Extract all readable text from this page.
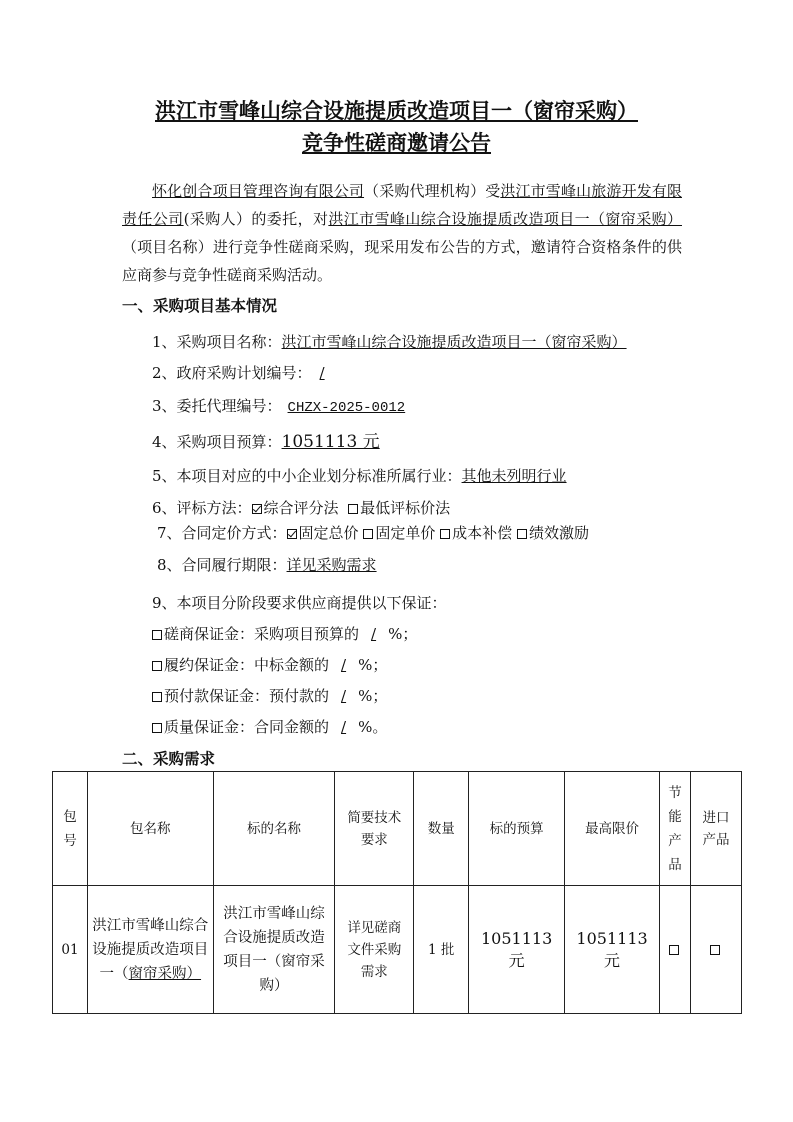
洪江市雪峰山综合设施提质改造项目一（窗帘采购）
竞争性磋商邀请公告
怀化创合项目管理咨询有限公司（采购代理机构）受洪江市雪峰山旅游开发有限责任公司(采购人）的委托，对洪江市雪峰山综合设施提质改造项目一（窗帘采购）（项目名称）进行竞争性磋商采购，现采用发布公告的方式，邀请符合资格条件的供应商参与竞争性磋商采购活动。
一、采购项目基本情况
1、采购项目名称：洪江市雪峰山综合设施提质改造项目一（窗帘采购）
2、政府采购计划编号： /
3、委托代理编号： CHZX-2025-0012
4、采购项目预算：1051113 元
5、本项目对应的中小企业划分标准所属行业：其他未列明行业
6、评标方法： 综合评分法 最低评标价法
7、合同定价方式： 固定总价 固定单价 成本补偿 绩效激励
8、合同履行期限：详见采购需求
9、本项目分阶段要求供应商提供以下保证：
磋商保证金：采购项目预算的 / %；
履约保证金：中标金额的 / %；
预付款保证金：预付款的 / %；
质量保证金：合同金额的 / %。
二、采购需求
包号	包名称	标的名称	简要技术要求	数量	标的预算	最高限价	节能产品	进口产品
01	洪江市雪峰山综合设施提质改造项目一（窗帘采购）	洪江市雪峰山综合设施提质改造项目一（窗帘采购）	详见磋商文件采购需求	1 批	1051113元	1051113元		
